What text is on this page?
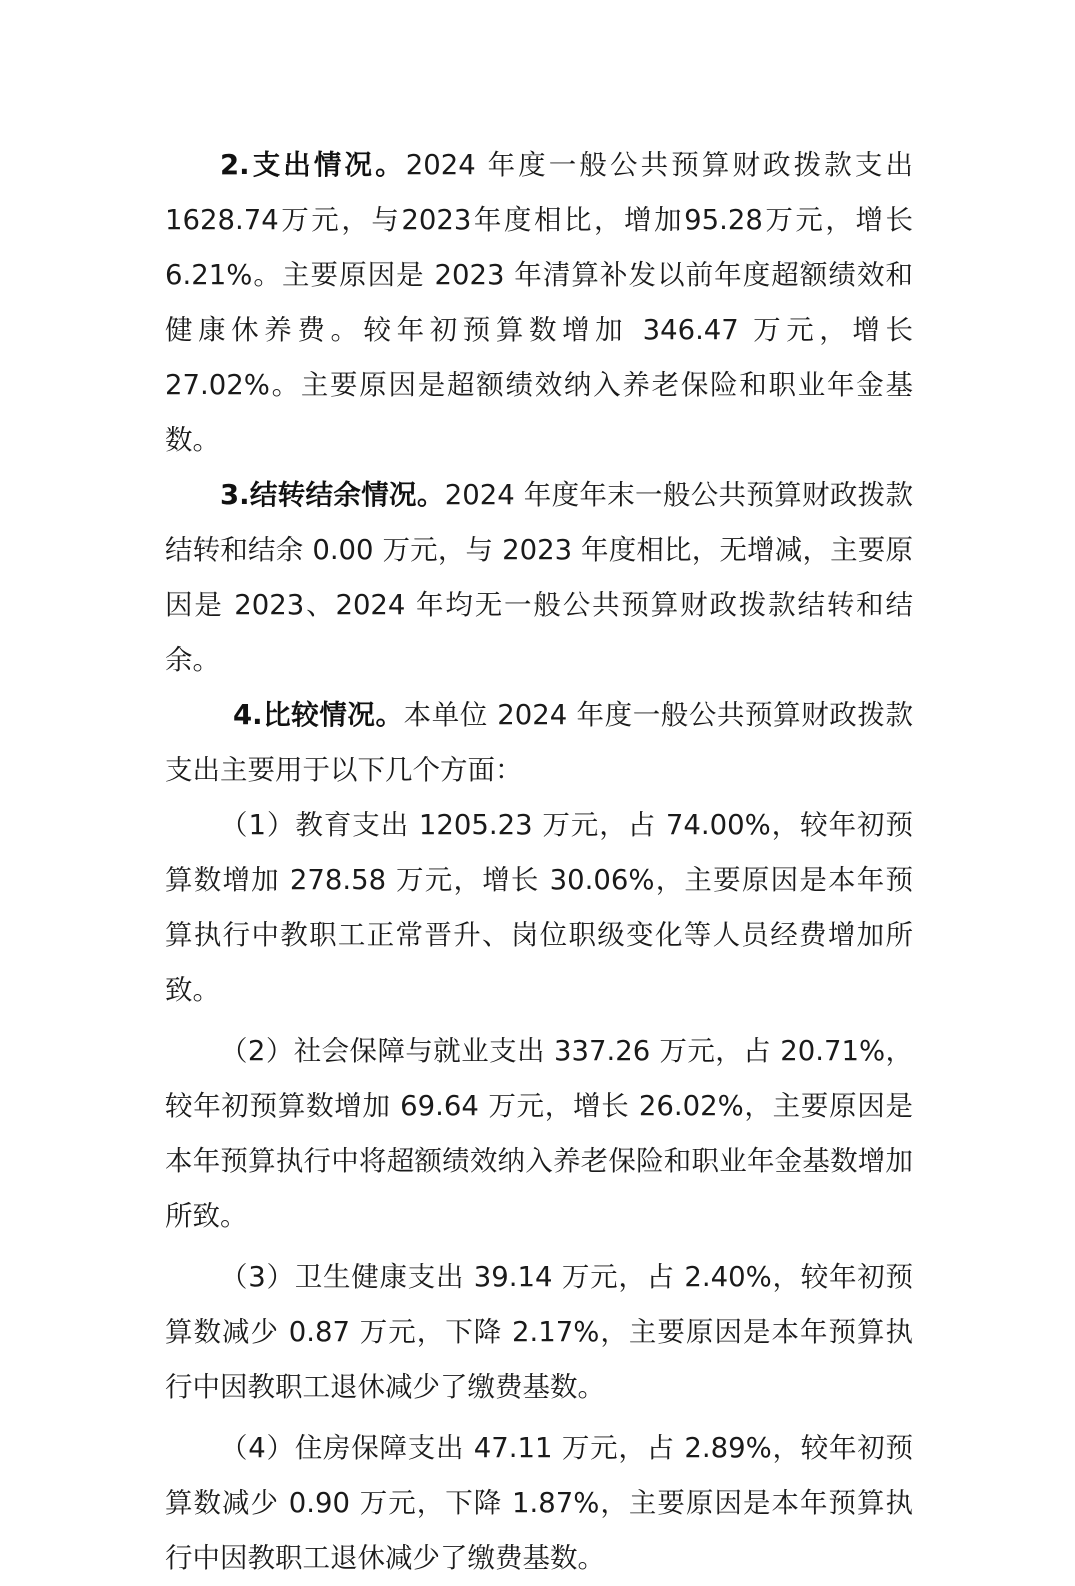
2.支出情况。2024 年度一般公共预算财政拨款支出 1628.74万元，与2023年度相比，增加95.28万元，增长6.21%。主要原因是 2023 年清算补发以前年度超额绩效和健康休养费。较年初预算数增加 346.47 万元，增长 27.02%。主要原因是超额绩效纳入养老保险和职业年金基数。

3.结转结余情况。2024 年度年末一般公共预算财政拨款结转和结余 0.00 万元，与 2023 年度相比，无增减，主要原因是 2023、2024 年均无一般公共预算财政拨款结转和结余。

4.比较情况。本单位 2024 年度一般公共预算财政拨款支出主要用于以下几个方面：

（1）教育支出 1205.23 万元，占 74.00%，较年初预算数增加 278.58 万元，增长 30.06%，主要原因是本年预算执行中教职工正常晋升、岗位职级变化等人员经费增加所致。

（2）社会保障与就业支出 337.26 万元，占 20.71%，较年初预算数增加 69.64 万元，增长 26.02%，主要原因是本年预算执行中将超额绩效纳入养老保险和职业年金基数增加所致。

（3）卫生健康支出 39.14 万元，占 2.40%，较年初预算数减少 0.87 万元，下降 2.17%，主要原因是本年预算执行中因教职工退休减少了缴费基数。

（4）住房保障支出 47.11 万元，占 2.89%，较年初预算数减少 0.90 万元，下降 1.87%，主要原因是本年预算执行中因教职工退休减少了缴费基数。
